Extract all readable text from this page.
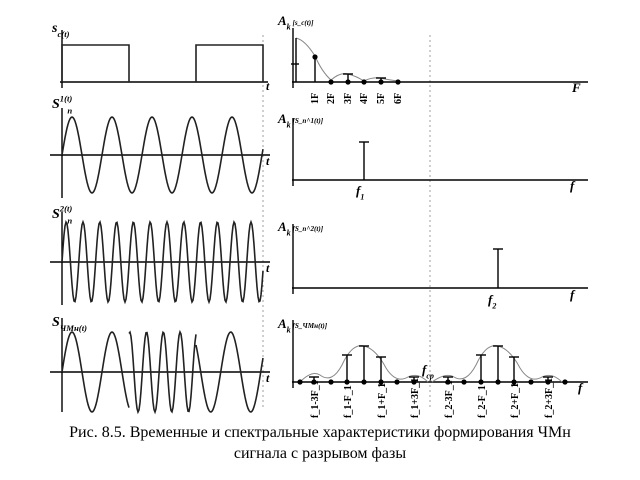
$s_{c(t)}$
t
$A_k$ [s_c(t)]
F
1F 2F 3F 4F 5F 6F
$S^{1(t)}$ п
t
$A_k$ [S_п^1(t)]
f
$f_1$
$S^{2(t)}$ п
t
$A_k$ [S_п^2(t)]
f
$f_2$
$S_{ЧМн(t)}$
t
$A_k$ [S_ЧМн(t)]
f
$f_{cp}$
f_1-3F_1 f_1-F_1 f_1+F_1 f_1+3F_1 f_2-3F_1 f_2-F_1 f_2+F_1 f_2+3F_1
Рис. 8.5. Временные и спектральные характеристики формирования ЧМн
сигнала с разрывом фазы
